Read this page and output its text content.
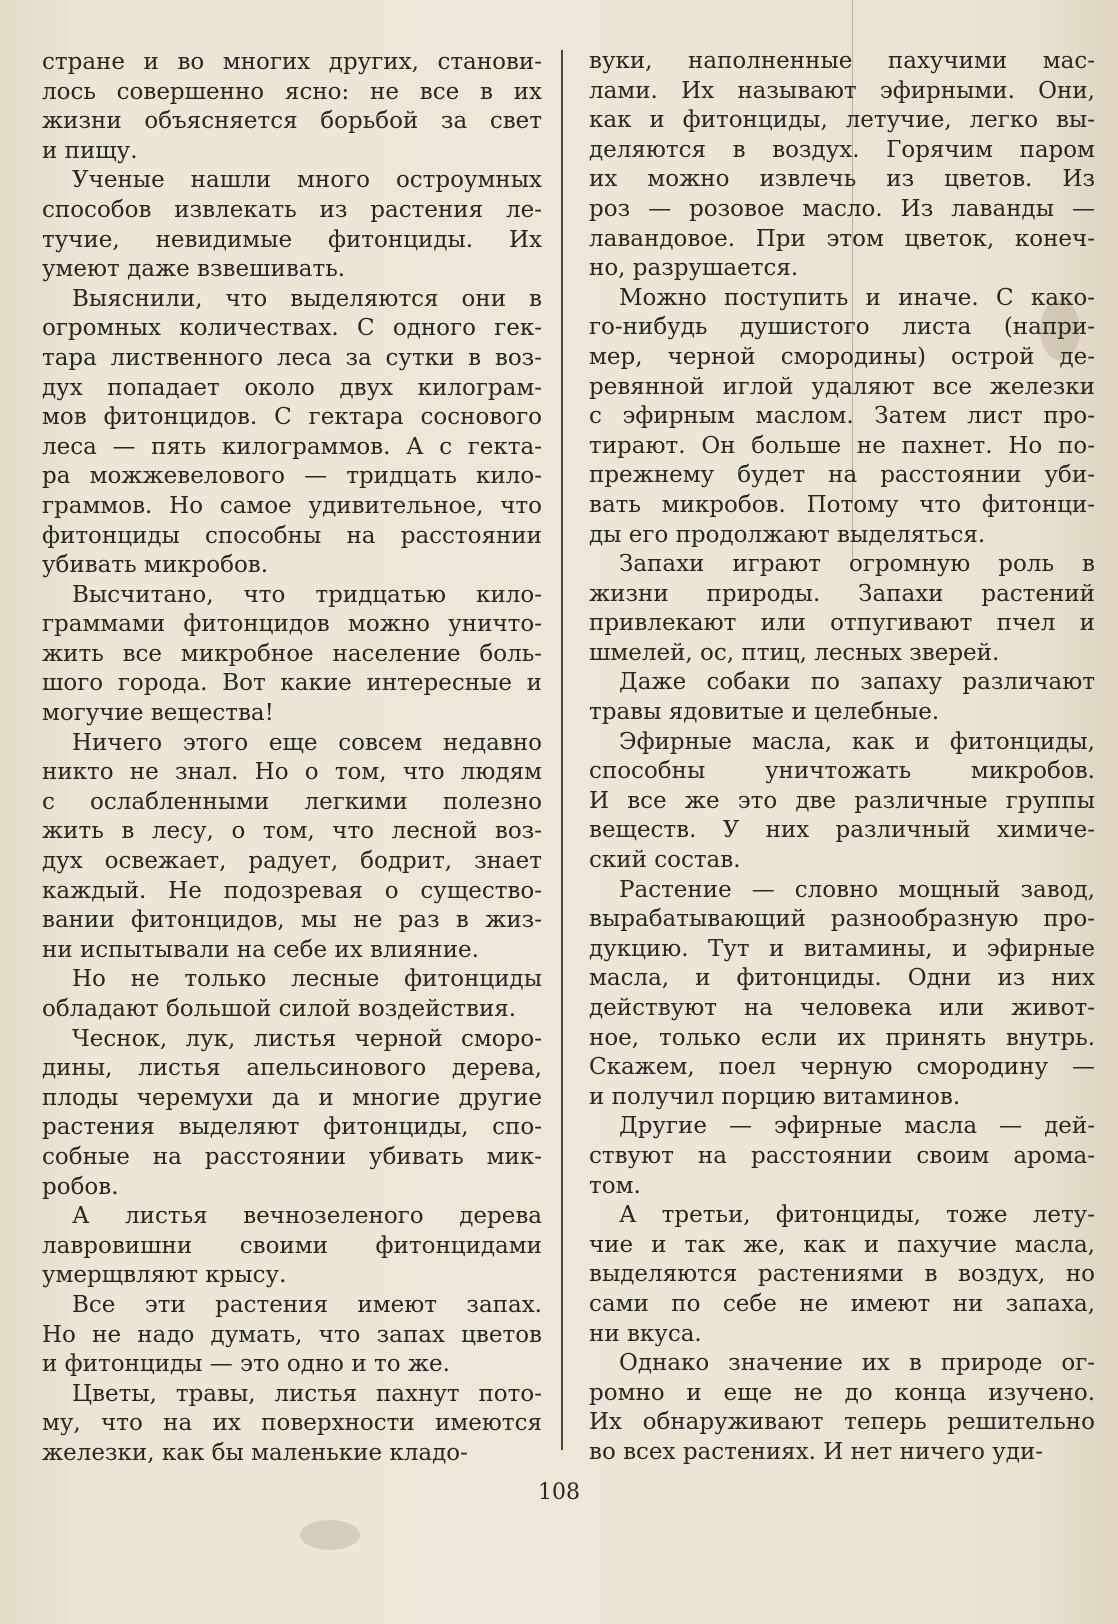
стране и во многих других, станови-
лось совершенно ясно: не все в их
жизни объясняется борьбой за свет
и пищу.
Ученые нашли много остроумных
способов извлекать из растения ле-
тучие, невидимые фитонциды. Их
умеют даже взвешивать.
Выяснили, что выделяются они в
огромных количествах. С одного гек-
тара лиственного леса за сутки в воз-
дух попадает около двух килограм-
мов фитонцидов. С гектара соснового
леса — пять килограммов. А с гекта-
ра можжевелового — тридцать кило-
граммов. Но самое удивительное, что
фитонциды способны на расстоянии
убивать микробов.
Высчитано, что тридцатью кило-
граммами фитонцидов можно уничто-
жить все микробное население боль-
шого города. Вот какие интересные и
могучие вещества!
Ничего этого еще совсем недавно
никто не знал. Но о том, что людям
с ослабленными легкими полезно
жить в лесу, о том, что лесной воз-
дух освежает, радует, бодрит, знает
каждый. Не подозревая о существо-
вании фитонцидов, мы не раз в жиз-
ни испытывали на себе их влияние.
Но не только лесные фитонциды
обладают большой силой воздействия.
Чеснок, лук, листья черной сморо-
дины, листья апельсинового дерева,
плоды черемухи да и многие другие
растения выделяют фитонциды, спо-
собные на расстоянии убивать мик-
робов.
А листья вечнозеленого дерева
лавровишни своими фитонцидами
умерщвляют крысу.
Все эти растения имеют запах.
Но не надо думать, что запах цветов
и фитонциды — это одно и то же.
Цветы, травы, листья пахнут пото-
му, что на их поверхности имеются
железки, как бы маленькие кладо-
вуки, наполненные пахучими мас-
лами. Их называют эфирными. Они,
как и фитонциды, летучие, легко вы-
деляются в воздух. Горячим паром
их можно извлечь из цветов. Из
роз — розовое масло. Из лаванды —
лавандовое. При этом цветок, конеч-
но, разрушается.
Можно поступить и иначе. С како-
го-нибудь душистого листа (напри-
мер, черной смородины) острой де-
ревянной иглой удаляют все железки
с эфирным маслом. Затем лист про-
тирают. Он больше не пахнет. Но по-
прежнему будет на расстоянии уби-
вать микробов. Потому что фитонци-
ды его продолжают выделяться.
Запахи играют огромную роль в
жизни природы. Запахи растений
привлекают или отпугивают пчел и
шмелей, ос, птиц, лесных зверей.
Даже собаки по запаху различают
травы ядовитые и целебные.
Эфирные масла, как и фитонциды,
способны уничтожать микробов.
И все же это две различные группы
веществ. У них различный химиче-
ский состав.
Растение — словно мощный завод,
вырабатывающий разнообразную про-
дукцию. Тут и витамины, и эфирные
масла, и фитонциды. Одни из них
действуют на человека или живот-
ное, только если их принять внутрь.
Скажем, поел черную смородину —
и получил порцию витаминов.
Другие — эфирные масла — дей-
ствуют на расстоянии своим арома-
том.
А третьи, фитонциды, тоже лету-
чие и так же, как и пахучие масла,
выделяются растениями в воздух, но
сами по себе не имеют ни запаха,
ни вкуса.
Однако значение их в природе ог-
ромно и еще не до конца изучено.
Их обнаруживают теперь решительно
во всех растениях. И нет ничего уди-
108
